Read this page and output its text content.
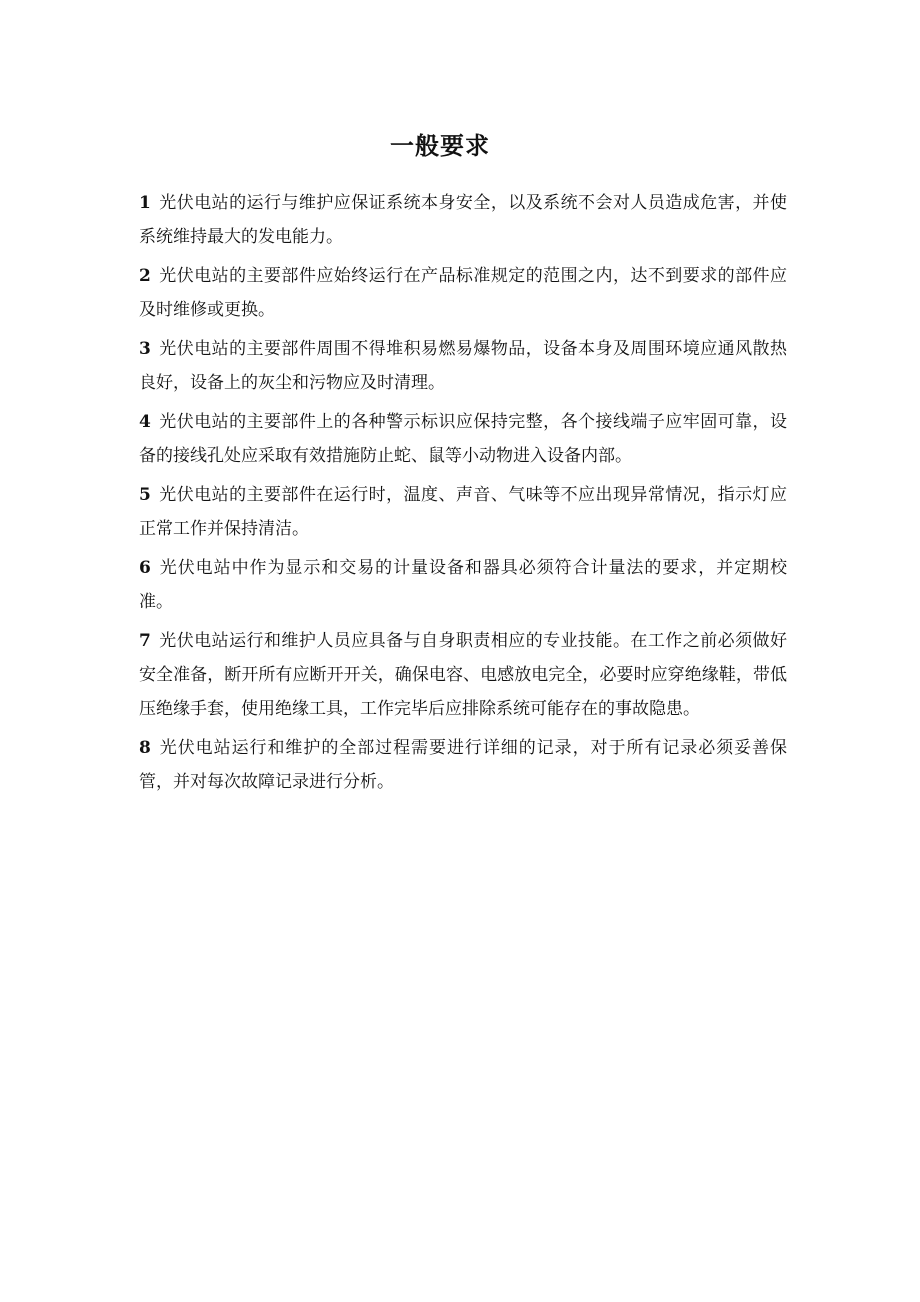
一般要求

1 光伏电站的运行与维护应保证系统本身安全，以及系统不会对人员造成危害，并使系统维持最大的发电能力。

2 光伏电站的主要部件应始终运行在产品标准规定的范围之内，达不到要求的部件应及时维修或更换。

3 光伏电站的主要部件周围不得堆积易燃易爆物品，设备本身及周围环境应通风散热良好，设备上的灰尘和污物应及时清理。

4 光伏电站的主要部件上的各种警示标识应保持完整，各个接线端子应牢固可靠，设备的接线孔处应采取有效措施防止蛇、鼠等小动物进入设备内部。

5 光伏电站的主要部件在运行时，温度、声音、气味等不应出现异常情况，指示灯应正常工作并保持清洁。

6 光伏电站中作为显示和交易的计量设备和器具必须符合计量法的要求，并定期校准。

7 光伏电站运行和维护人员应具备与自身职责相应的专业技能。在工作之前必须做好安全准备，断开所有应断开开关，确保电容、电感放电完全，必要时应穿绝缘鞋，带低压绝缘手套，使用绝缘工具，工作完毕后应排除系统可能存在的事故隐患。

8 光伏电站运行和维护的全部过程需要进行详细的记录，对于所有记录必须妥善保管，并对每次故障记录进行分析。
